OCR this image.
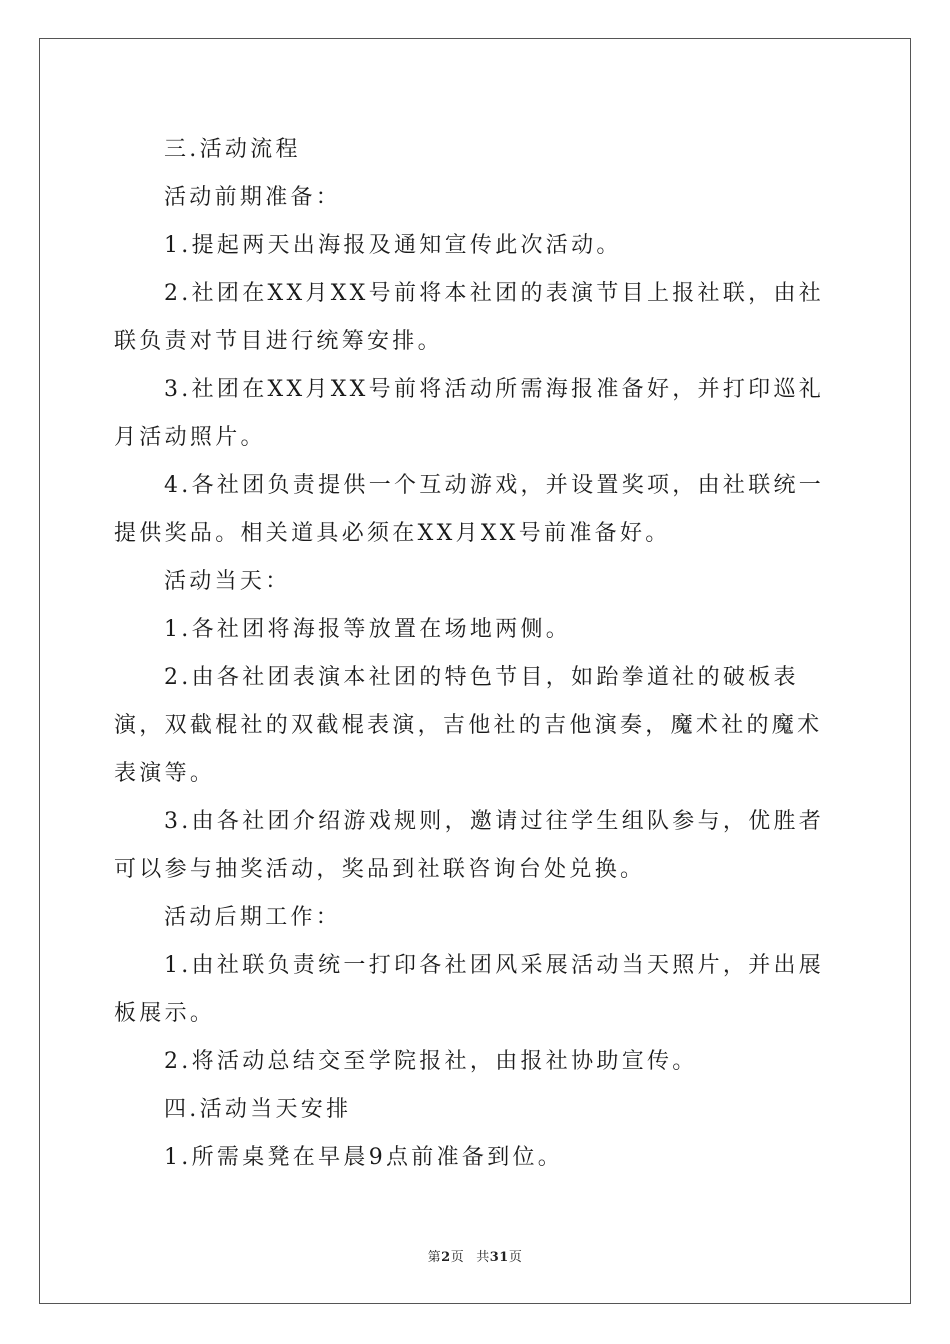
三.活动流程

活动前期准备：

1.提起两天出海报及通知宣传此次活动。

2.社团在XX月XX号前将本社团的表演节目上报社联，由社联负责对节目进行统筹安排。

3.社团在XX月XX号前将活动所需海报准备好，并打印巡礼月活动照片。

4.各社团负责提供一个互动游戏，并设置奖项，由社联统一提供奖品。相关道具必须在XX月XX号前准备好。

活动当天：

1.各社团将海报等放置在场地两侧。

2.由各社团表演本社团的特色节目，如跆拳道社的破板表演，双截棍社的双截棍表演，吉他社的吉他演奏，魔术社的魔术表演等。

3.由各社团介绍游戏规则，邀请过往学生组队参与，优胜者可以参与抽奖活动，奖品到社联咨询台处兑换。

活动后期工作：

1.由社联负责统一打印各社团风采展活动当天照片，并出展板展示。

2.将活动总结交至学院报社，由报社协助宣传。

四.活动当天安排

1.所需桌凳在早晨9点前准备到位。

第2页 共31页
